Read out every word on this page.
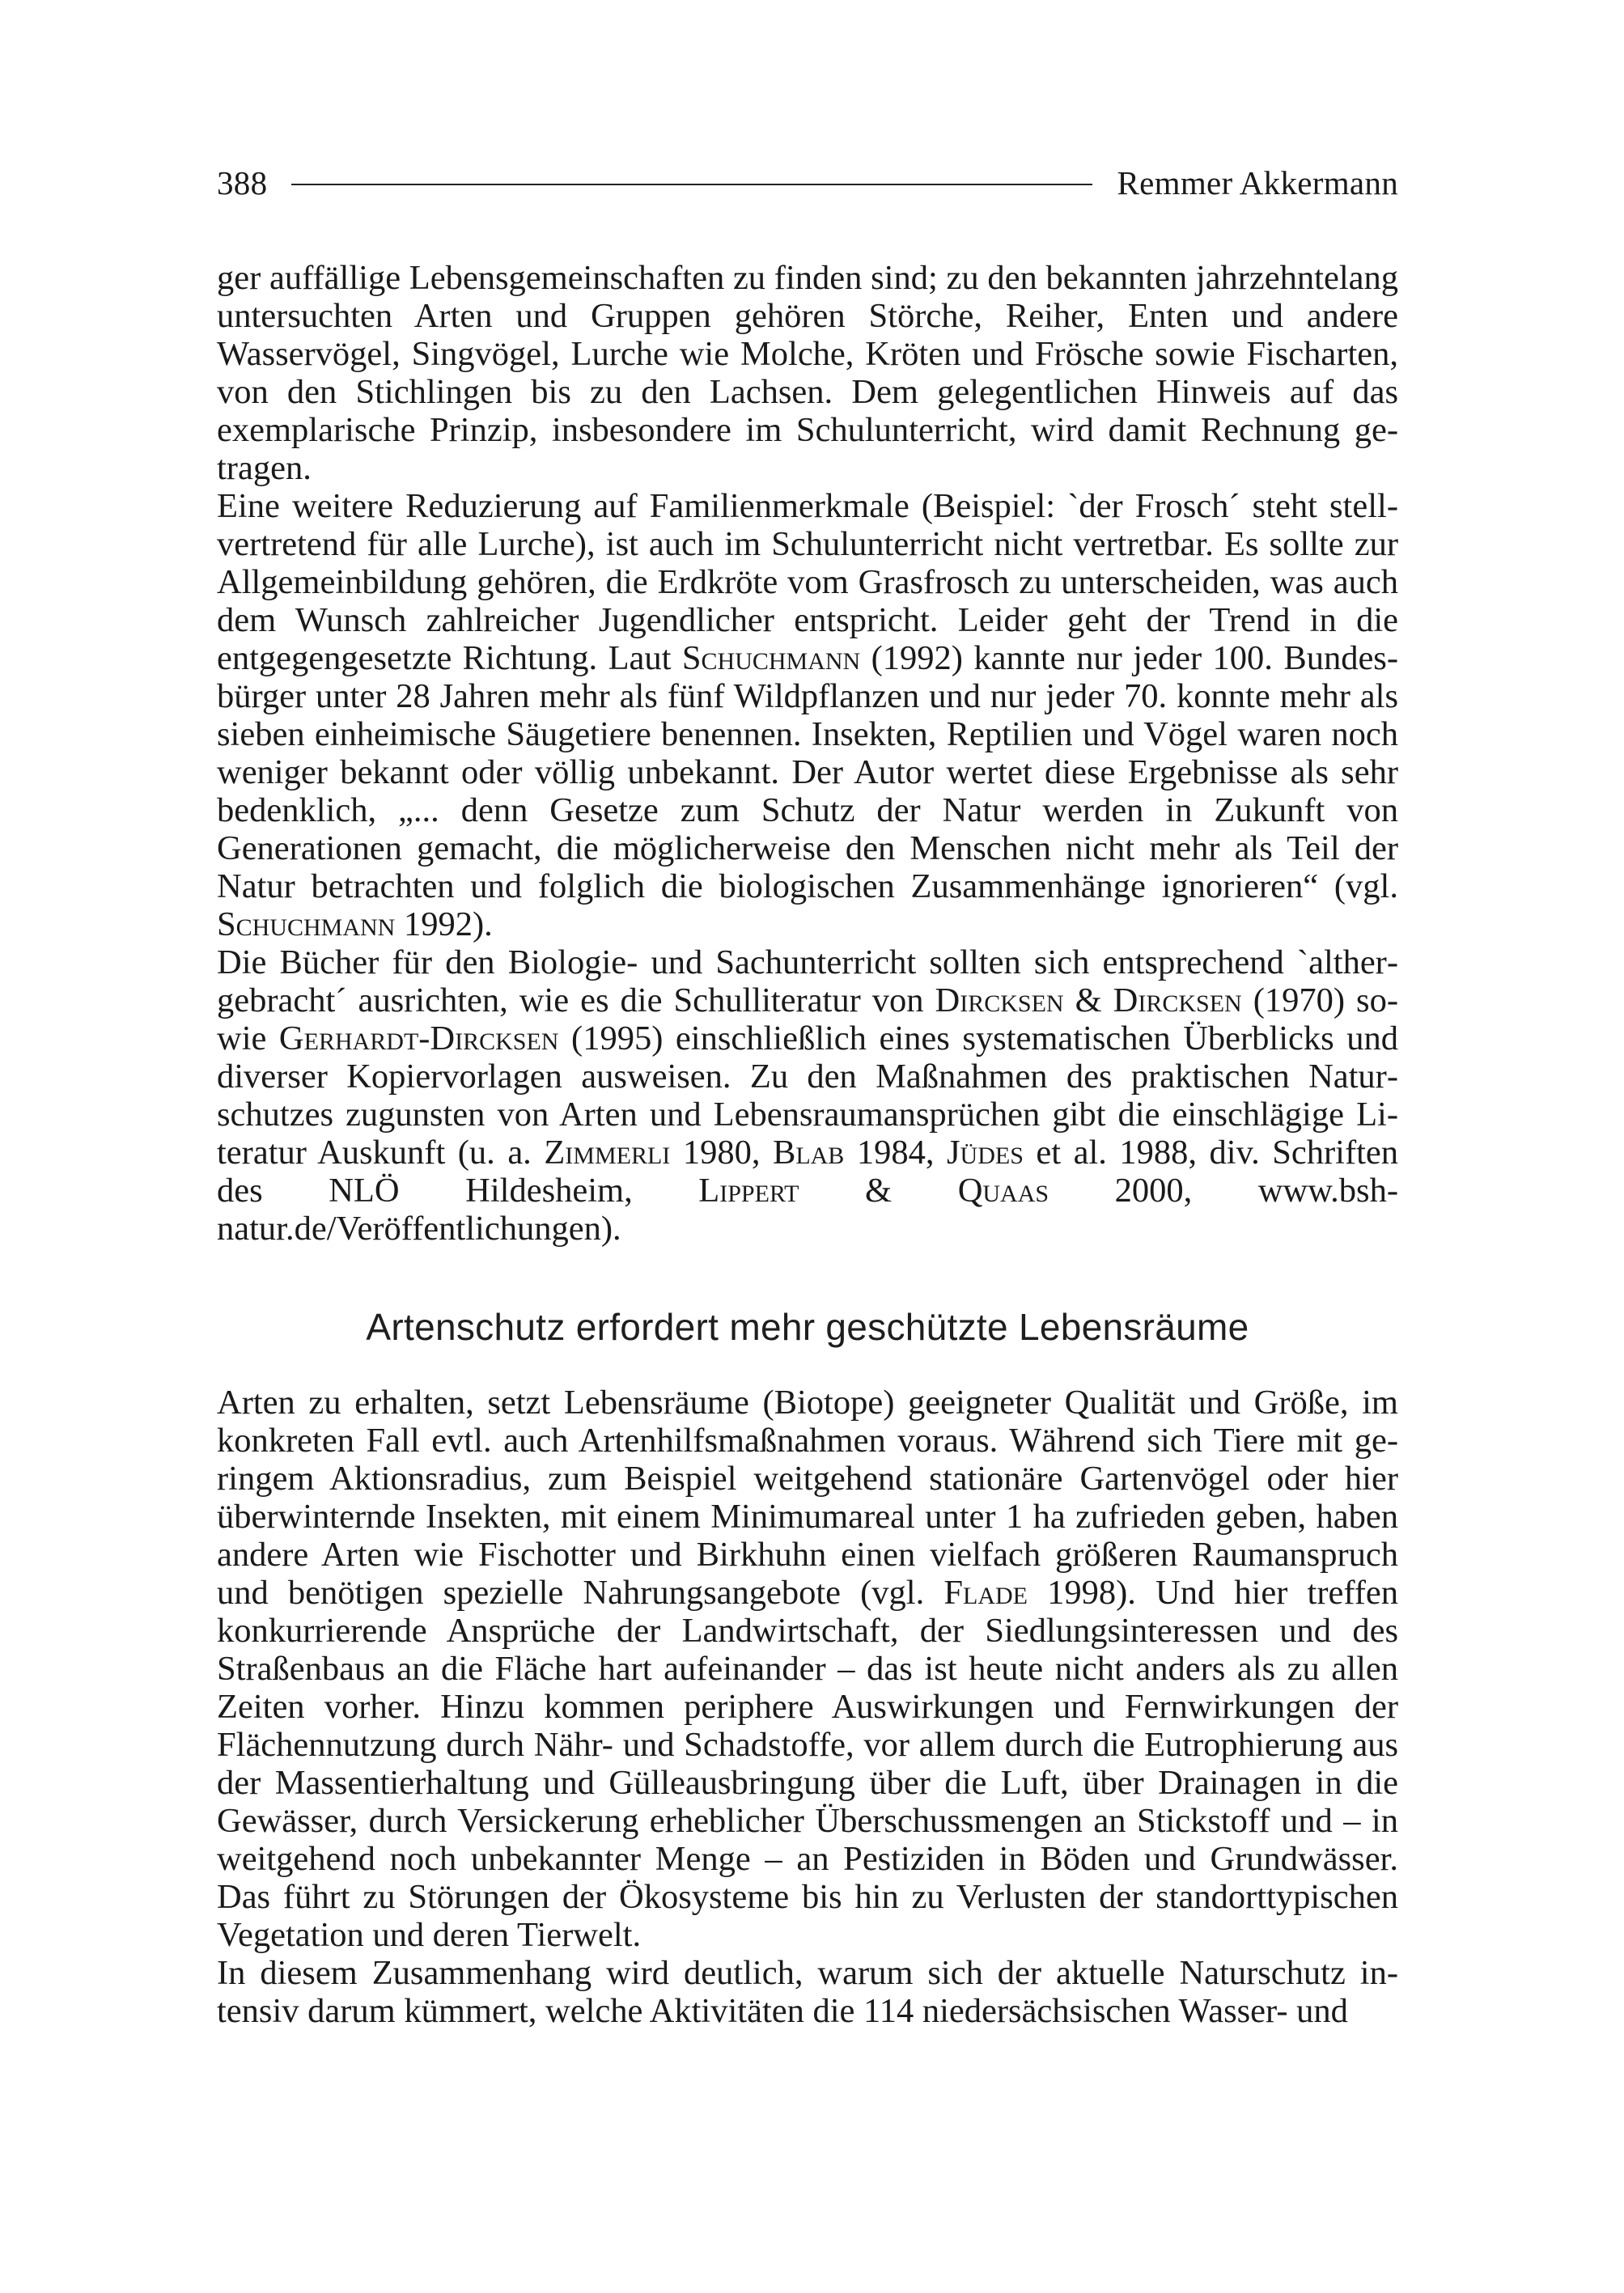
388	Remmer Akkermann

ger auffällige Lebensgemeinschaften zu finden sind; zu den bekannten jahrzehntelang untersuchten Arten und Gruppen gehören Störche, Reiher, Enten und andere Wasservögel, Singvögel, Lurche wie Molche, Kröten und Frösche sowie Fischarten, von den Stichlingen bis zu den Lachsen. Dem gelegentlichen Hinweis auf das exemplarische Prinzip, insbesondere im Schulunterricht, wird damit Rechnung getragen.

Eine weitere Reduzierung auf Familienmerkmale (Beispiel: `der Frosch´ steht stellvertretend für alle Lurche), ist auch im Schulunterricht nicht vertretbar. Es sollte zur Allgemeinbildung gehören, die Erdkröte vom Grasfrosch zu unterscheiden, was auch dem Wunsch zahlreicher Jugendlicher entspricht. Leider geht der Trend in die entgegengesetzte Richtung. Laut Schuchmann (1992) kannte nur jeder 100. Bundesbürger unter 28 Jahren mehr als fünf Wildpflanzen und nur jeder 70. konnte mehr als sieben einheimische Säugetiere benennen. Insekten, Reptilien und Vögel waren noch weniger bekannt oder völlig unbekannt. Der Autor wertet diese Ergebnisse als sehr bedenklich, „... denn Gesetze zum Schutz der Natur werden in Zukunft von Generationen gemacht, die möglicherweise den Menschen nicht mehr als Teil der Natur betrachten und folglich die biologischen Zusammenhänge ignorieren“ (vgl. Schuchmann 1992).

Die Bücher für den Biologie- und Sachunterricht sollten sich entsprechend `althergebracht´ ausrichten, wie es die Schulliteratur von Dircksen & Dircksen (1970) sowie Gerhardt-Dircksen (1995) einschließlich eines systematischen Überblicks und diverser Kopiervorlagen ausweisen. Zu den Maßnahmen des praktischen Naturschutzes zugunsten von Arten und Lebensraumansprüchen gibt die einschlägige Literatur Auskunft (u. a. Zimmerli 1980, Blab 1984, Jüdes et al. 1988, div. Schriften des NLÖ Hildesheim, Lippert & Quaas 2000, www.bsh-natur.de/Veröffentlichungen).

Artenschutz erfordert mehr geschützte Lebensräume

Arten zu erhalten, setzt Lebensräume (Biotope) geeigneter Qualität und Größe, im konkreten Fall evtl. auch Artenhilfsmaßnahmen voraus. Während sich Tiere mit geringem Aktionsradius, zum Beispiel weitgehend stationäre Gartenvögel oder hier überwinternde Insekten, mit einem Minimumareal unter 1 ha zufrieden geben, haben andere Arten wie Fischotter und Birkhuhn einen vielfach größeren Raumanspruch und benötigen spezielle Nahrungsangebote (vgl. Flade 1998). Und hier treffen konkurrierende Ansprüche der Landwirtschaft, der Siedlungsinteressen und des Straßenbaus an die Fläche hart aufeinander – das ist heute nicht anders als zu allen Zeiten vorher. Hinzu kommen periphere Auswirkungen und Fernwirkungen der Flächennutzung durch Nähr- und Schadstoffe, vor allem durch die Eutrophierung aus der Massentierhaltung und Gülleausbringung über die Luft, über Drainagen in die Gewässer, durch Versickerung erheblicher Überschussmengen an Stickstoff und – in weitgehend noch unbekannter Menge – an Pestiziden in Böden und Grundwässer. Das führt zu Störungen der Ökosysteme bis hin zu Verlusten der standorttypischen Vegetation und deren Tierwelt.

In diesem Zusammenhang wird deutlich, warum sich der aktuelle Naturschutz intensiv darum kümmert, welche Aktivitäten die 114 niedersächsischen Wasser- und
